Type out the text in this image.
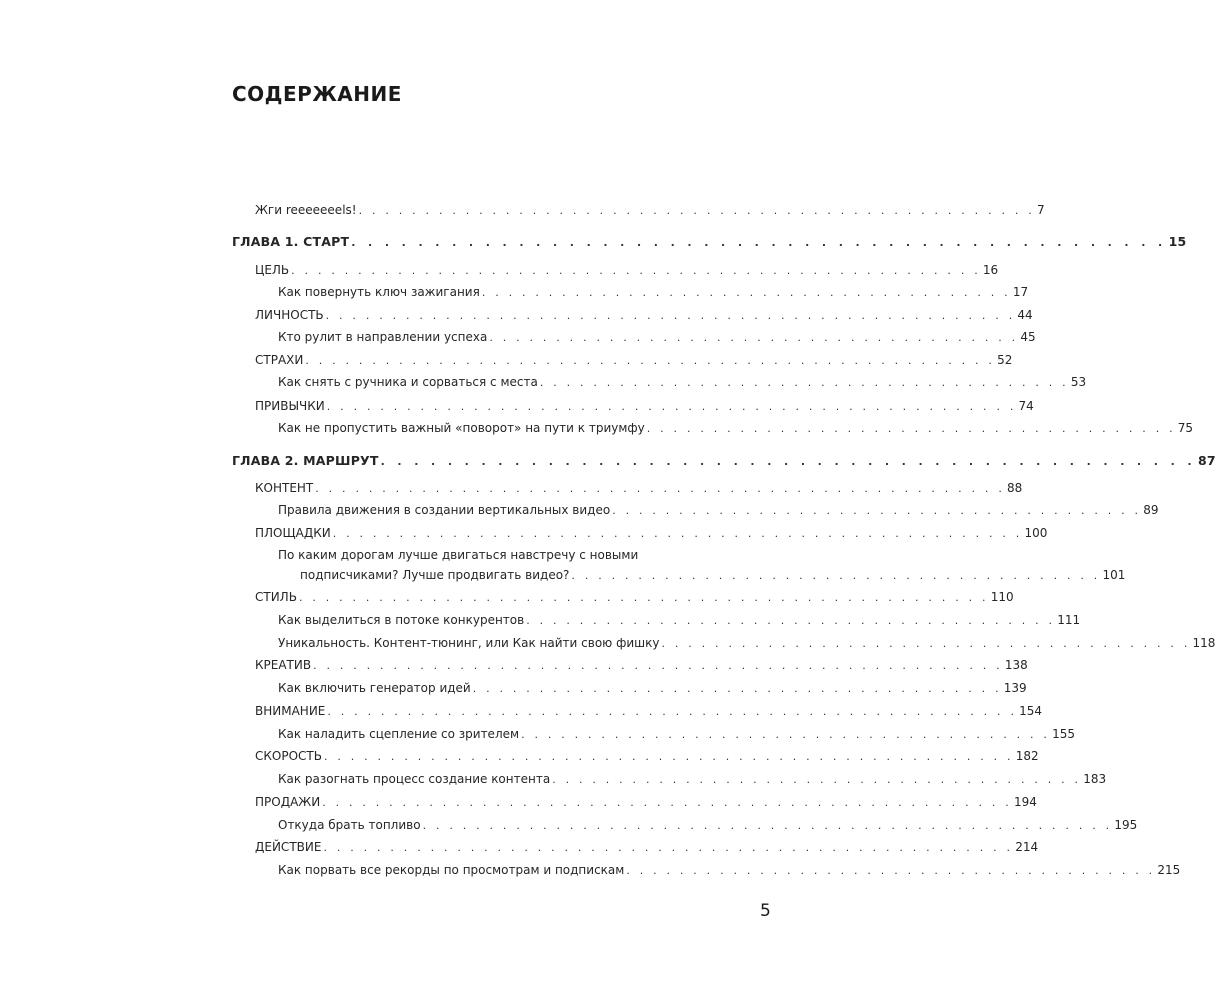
СОДЕРЖАНИЕ
Жги reeeeeeels! . . . . . . . . . . . . . . . . . . . . . . . . . . . . . . . . . . . . . . . . . . . . . . . . . . . 7
ГЛАВА 1. СТАРТ . . . . . . . . . . . . . . . . . . . . . . . . . . . . . . . . . . . . . . . . . . . . . . . . . 15
ЦЕЛЬ . . . . . . . . . . . . . . . . . . . . . . . . . . . . . . . . . . . . . . . . . . . . . . . . . . . . 16
Как повернуть ключ зажигания . . . . . . . . . . . . . . . . . . . . . . . . . . . . . . . . . . . . . . . . 17
ЛИЧНОСТЬ . . . . . . . . . . . . . . . . . . . . . . . . . . . . . . . . . . . . . . . . . . . . . . . . . . . . 44
Кто рулит в направлении успеха . . . . . . . . . . . . . . . . . . . . . . . . . . . . . . . . . . . . . . . . 45
СТРАХИ . . . . . . . . . . . . . . . . . . . . . . . . . . . . . . . . . . . . . . . . . . . . . . . . . . . . 52
Как снять с ручника и сорваться с места . . . . . . . . . . . . . . . . . . . . . . . . . . . . . . . . . . . . . . . . 53
ПРИВЫЧКИ . . . . . . . . . . . . . . . . . . . . . . . . . . . . . . . . . . . . . . . . . . . . . . . . . . . . 74
Как не пропустить важный «поворот» на пути к триумфу . . . . . . . . . . . . . . . . . . . . . . . . . . . . . . . . . . . . . . . . 75
ГЛАВА 2. МАРШРУТ . . . . . . . . . . . . . . . . . . . . . . . . . . . . . . . . . . . . . . . . . . . . . . . . . 87
КОНТЕНТ . . . . . . . . . . . . . . . . . . . . . . . . . . . . . . . . . . . . . . . . . . . . . . . . . . . . 88
Правила движения в создании вертикальных видео . . . . . . . . . . . . . . . . . . . . . . . . . . . . . . . . . . . . . . . . 89
ПЛОЩАДКИ . . . . . . . . . . . . . . . . . . . . . . . . . . . . . . . . . . . . . . . . . . . . . . . . . . . . 100
По каким дорогам лучше двигаться навстречу с новыми
подписчиками? Лучше продвигать видео? . . . . . . . . . . . . . . . . . . . . . . . . . . . . . . . . . . . . . . . . 101
СТИЛЬ . . . . . . . . . . . . . . . . . . . . . . . . . . . . . . . . . . . . . . . . . . . . . . . . . . . . 110
Как выделиться в потоке конкурентов . . . . . . . . . . . . . . . . . . . . . . . . . . . . . . . . . . . . . . . . 111
Уникальность. Контент-тюнинг, или Как найти свою фишку . . . . . . . . . . . . . . . . . . . . . . . . . . . . . . . . . . . . . . . . 118
КРЕАТИВ . . . . . . . . . . . . . . . . . . . . . . . . . . . . . . . . . . . . . . . . . . . . . . . . . . . . 138
Как включить генератор идей . . . . . . . . . . . . . . . . . . . . . . . . . . . . . . . . . . . . . . . . 139
ВНИМАНИЕ . . . . . . . . . . . . . . . . . . . . . . . . . . . . . . . . . . . . . . . . . . . . . . . . . . . . 154
Как наладить сцепление со зрителем . . . . . . . . . . . . . . . . . . . . . . . . . . . . . . . . . . . . . . . . 155
СКОРОСТЬ . . . . . . . . . . . . . . . . . . . . . . . . . . . . . . . . . . . . . . . . . . . . . . . . . . . . 182
Как разогнать процесс создание контента . . . . . . . . . . . . . . . . . . . . . . . . . . . . . . . . . . . . . . . . 183
ПРОДАЖИ . . . . . . . . . . . . . . . . . . . . . . . . . . . . . . . . . . . . . . . . . . . . . . . . . . . . 194
Откуда брать топливо . . . . . . . . . . . . . . . . . . . . . . . . . . . . . . . . . . . . . . . . . . . . . . . . . . . . 195
ДЕЙСТВИЕ . . . . . . . . . . . . . . . . . . . . . . . . . . . . . . . . . . . . . . . . . . . . . . . . . . . . 214
Как порвать все рекорды по просмотрам и подпискам . . . . . . . . . . . . . . . . . . . . . . . . . . . . . . . . . . . . . . . . 215
5
